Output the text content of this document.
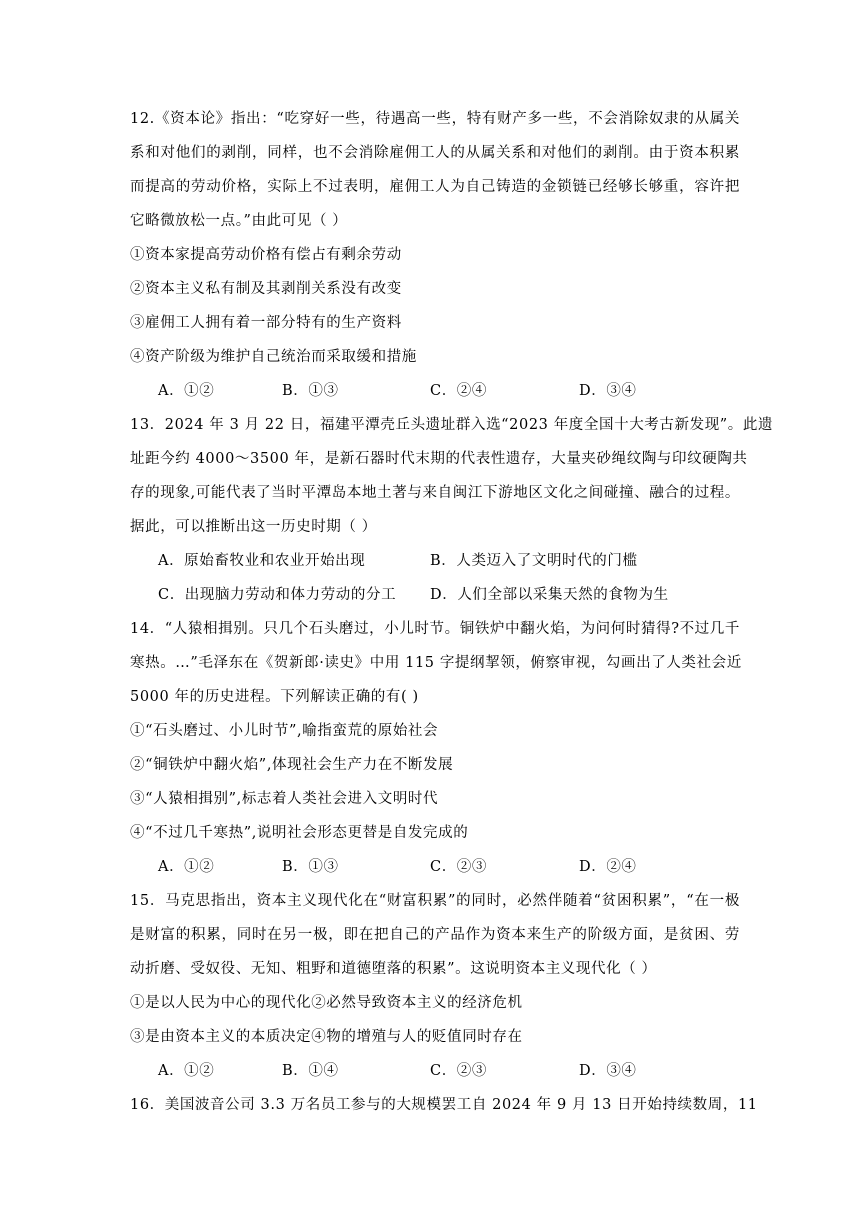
12.《资本论》指出：“吃穿好一些，待遇高一些，特有财产多一些，不会消除奴隶的从属关
系和对他们的剥削，同样，也不会消除雇佣工人的从属关系和对他们的剥削。由于资本积累
而提高的劳动价格，实际上不过表明，雇佣工人为自己铸造的金锁链已经够长够重，容许把
它略微放松一点。”由此可见（ ）
①资本家提高劳动价格有偿占有剩余劳动
②资本主义私有制及其剥削关系没有改变
③雇佣工人拥有着一部分特有的生产资料
④资产阶级为维护自己统治而采取缓和措施
A．①②	B．①③	C．②④	D．③④
13．2024 年 3 月 22 日，福建平潭壳丘头遗址群入选“2023 年度全国十大考古新发现”。此遗
址距今约 4000～3500 年，是新石器时代末期的代表性遗存，大量夹砂绳纹陶与印纹硬陶共
存的现象,可能代表了当时平潭岛本地土著与来自闽江下游地区文化之间碰撞、融合的过程。
据此，可以推断出这一历史时期（ ）
A．原始畜牧业和农业开始出现	B．人类迈入了文明时代的门槛
C．出现脑力劳动和体力劳动的分工 D．人们全部以采集天然的食物为生
14．“人猿相揖别。只几个石头磨过，小儿时节。铜铁炉中翻火焰，为问何时猜得?不过几千
寒热。…”毛泽东在《贺新郎·读史》中用 115 字提纲挈领，俯察审视，勾画出了人类社会近
5000 年的历史进程。下列解读正确的有( )
①“石头磨过、小儿时节”,喻指蛮荒的原始社会
②“铜铁炉中翻火焰”,体现社会生产力在不断发展
③“人猿相揖别”,标志着人类社会进入文明时代
④“不过几千寒热”,说明社会形态更替是自发完成的
A．①②	B．①③	C．②③	D．②④
15．马克思指出，资本主义现代化在“财富积累”的同时，必然伴随着“贫困积累”，“在一极
是财富的积累，同时在另一极，即在把自己的产品作为资本来生产的阶级方面，是贫困、劳
动折磨、受奴役、无知、粗野和道德堕落的积累”。这说明资本主义现代化（ ）
①是以人民为中心的现代化②必然导致资本主义的经济危机
③是由资本主义的本质决定④物的增殖与人的贬值同时存在
A．①②	B．①④	C．②③	D．③④
16．美国波音公司 3.3 万名员工参与的大规模罢工自 2024 年 9 月 13 日开始持续数周，11
